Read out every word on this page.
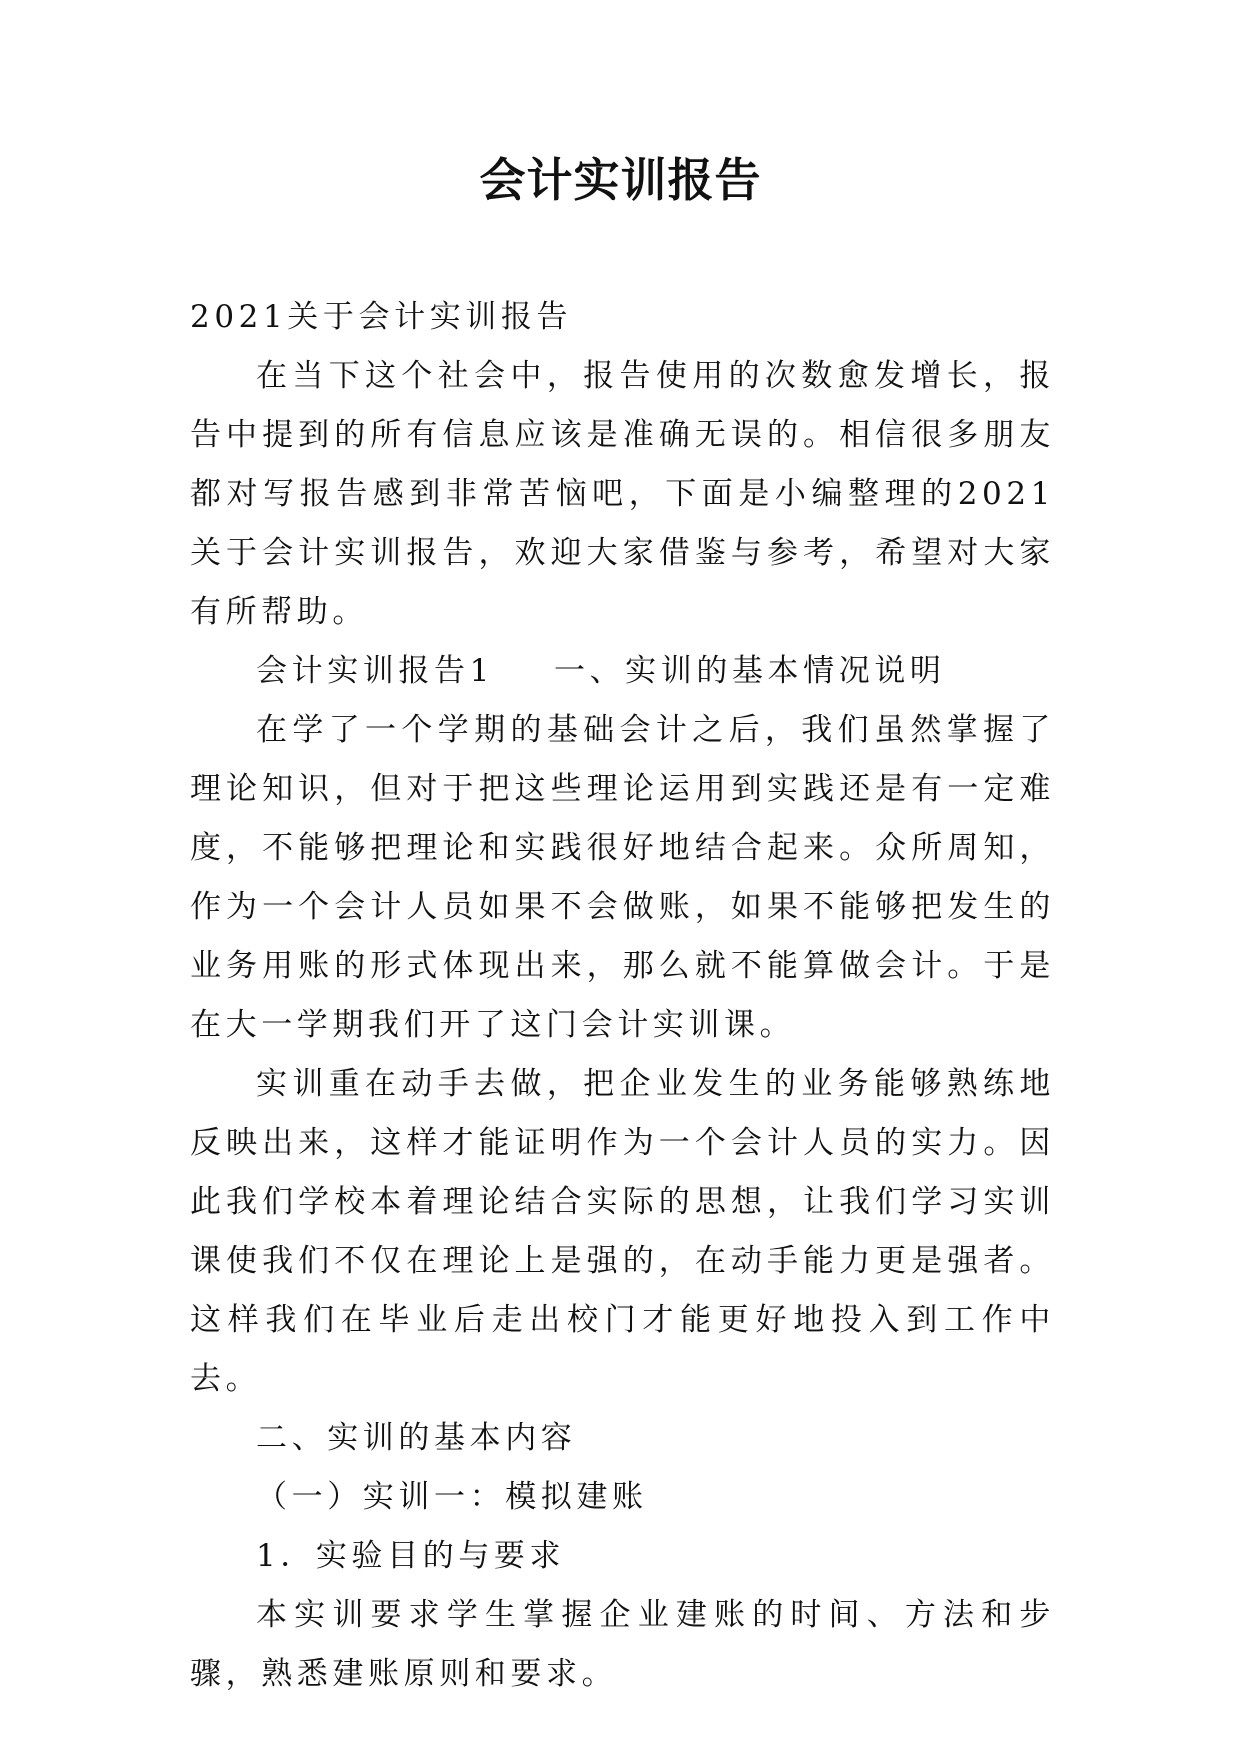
会计实训报告

2021关于会计实训报告

在当下这个社会中，报告使用的次数愈发增长，报告中提到的所有信息应该是准确无误的。相信很多朋友都对写报告感到非常苦恼吧，下面是小编整理的2021关于会计实训报告，欢迎大家借鉴与参考，希望对大家有所帮助。

会计实训报告1 一、实训的基本情况说明

在学了一个学期的基础会计之后，我们虽然掌握了理论知识，但对于把这些理论运用到实践还是有一定难度，不能够把理论和实践很好地结合起来。众所周知，作为一个会计人员如果不会做账，如果不能够把发生的业务用账的形式体现出来，那么就不能算做会计。于是在大一学期我们开了这门会计实训课。

实训重在动手去做，把企业发生的业务能够熟练地反映出来，这样才能证明作为一个会计人员的实力。因此我们学校本着理论结合实际的思想，让我们学习实训课使我们不仅在理论上是强的，在动手能力更是强者。这样我们在毕业后走出校门才能更好地投入到工作中去。

二、实训的基本内容

（一）实训一：模拟建账

1．实验目的与要求

本实训要求学生掌握企业建账的时间、方法和步骤，熟悉建账原则和要求。
